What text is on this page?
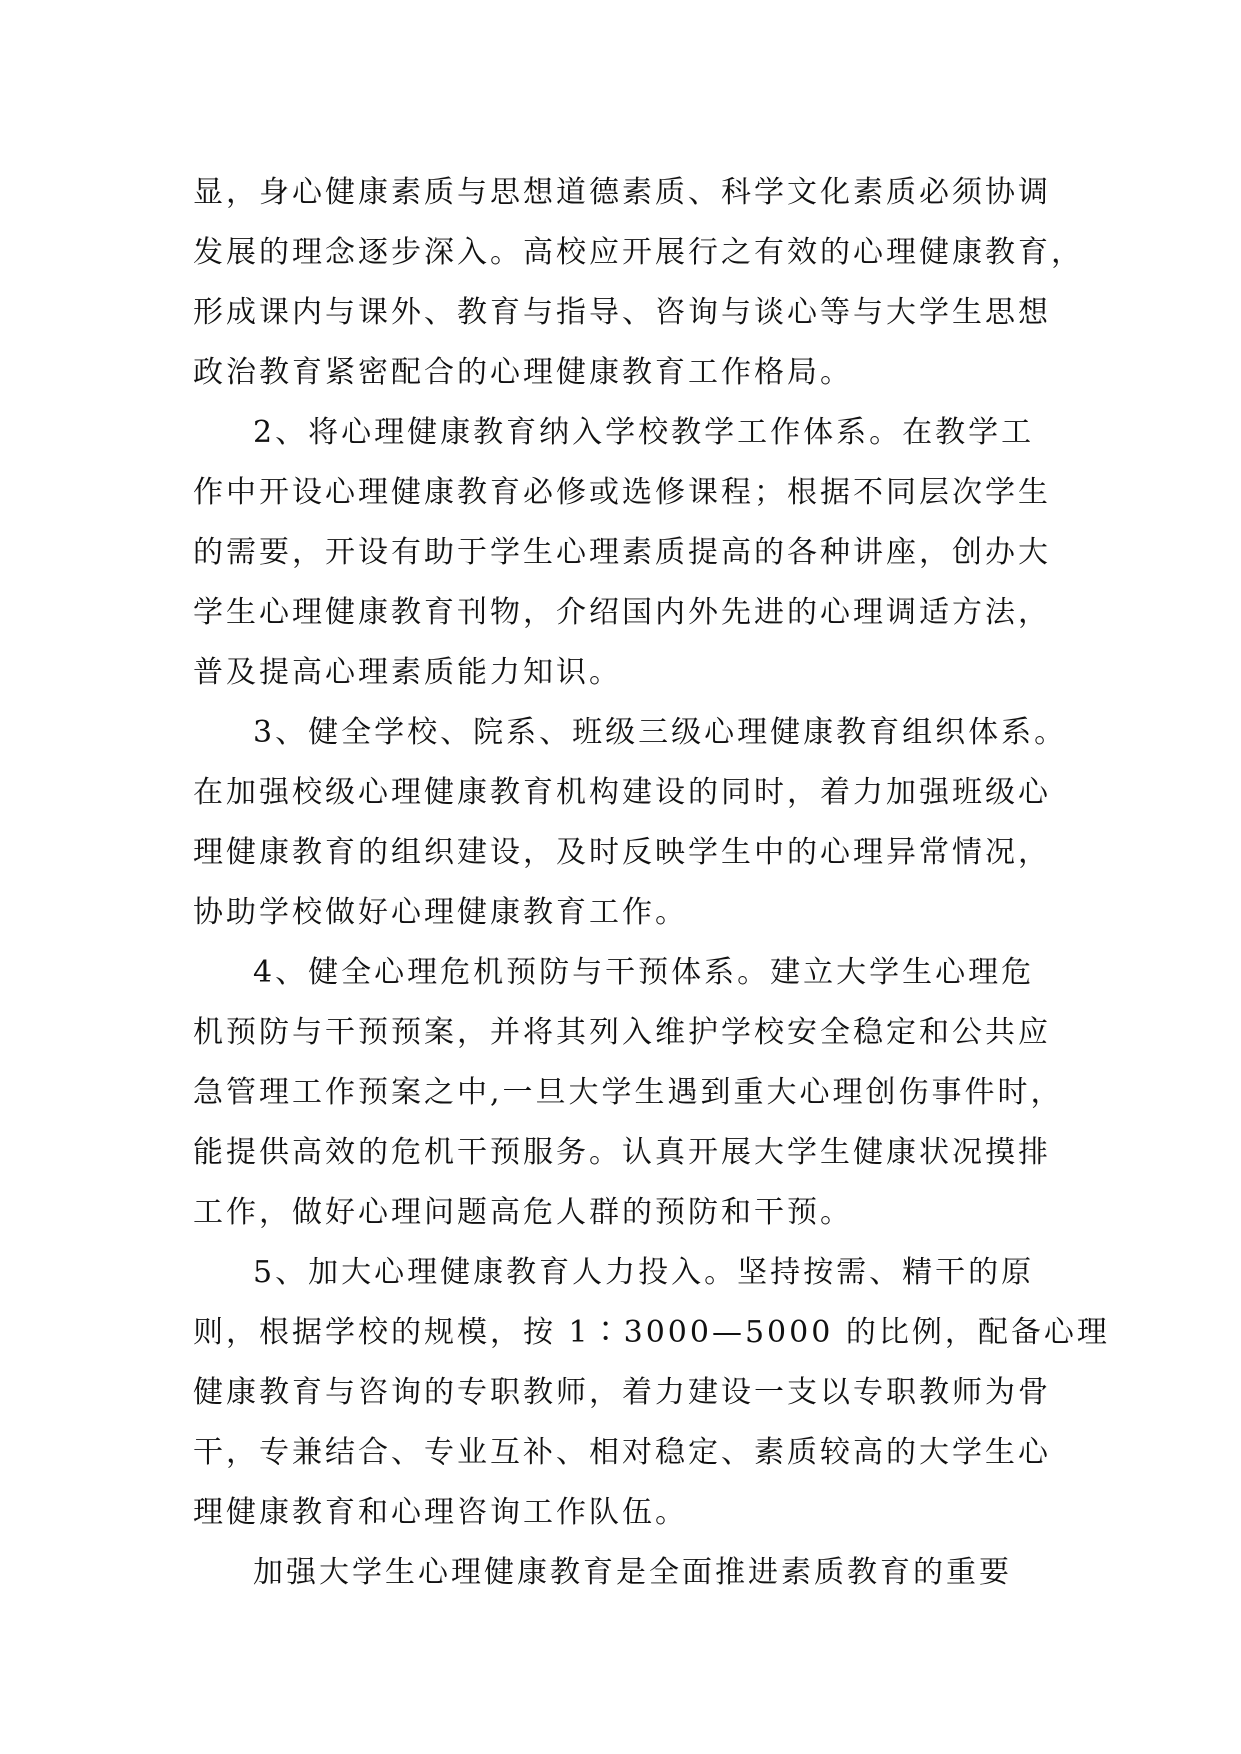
显，身心健康素质与思想道德素质、科学文化素质必须协调
发展的理念逐步深入。高校应开展行之有效的心理健康教育，
形成课内与课外、教育与指导、咨询与谈心等与大学生思想
政治教育紧密配合的心理健康教育工作格局。
2、将心理健康教育纳入学校教学工作体系。在教学工
作中开设心理健康教育必修或选修课程；根据不同层次学生
的需要，开设有助于学生心理素质提高的各种讲座，创办大
学生心理健康教育刊物，介绍国内外先进的心理调适方法，
普及提高心理素质能力知识。
3、健全学校、院系、班级三级心理健康教育组织体系。
在加强校级心理健康教育机构建设的同时，着力加强班级心
理健康教育的组织建设，及时反映学生中的心理异常情况，
协助学校做好心理健康教育工作。
4、健全心理危机预防与干预体系。建立大学生心理危
机预防与干预预案，并将其列入维护学校安全稳定和公共应
急管理工作预案之中,一旦大学生遇到重大心理创伤事件时，
能提供高效的危机干预服务。认真开展大学生健康状况摸排
工作，做好心理问题高危人群的预防和干预。
5、加大心理健康教育人力投入。坚持按需、精干的原
则，根据学校的规模，按 1∶3000—5000 的比例，配备心理
健康教育与咨询的专职教师，着力建设一支以专职教师为骨
干，专兼结合、专业互补、相对稳定、素质较高的大学生心
理健康教育和心理咨询工作队伍。
加强大学生心理健康教育是全面推进素质教育的重要
